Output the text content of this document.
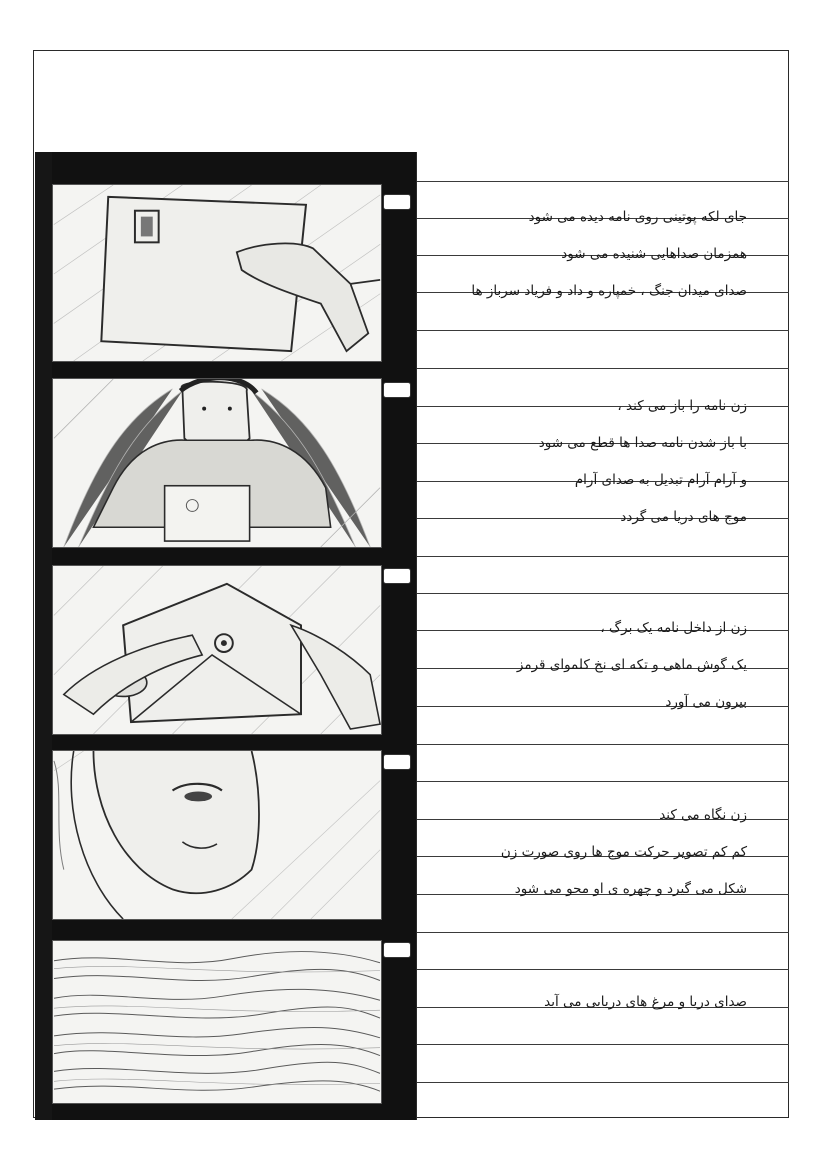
جای لکه پوتینی روی نامه دیده می شود
همزمان صداهایی شنیده می شود
صدای میدان جنگ ، خمپاره و داد و فریاد سرباز ها
زن نامه را باز می کند ،
با باز شدن نامه صدا ها قطع می شود
و آرام آرام تبدیل به صدای آرام
موج های دریا می گردد
زن از داخل نامه یک برگ ،
یک گوش ماهی و تکه ای نخ کلموای قرمز
بیرون می آورد
زن نگاه می کند
کم کم تصویر حرکت موج ها روی صورت زن
شکل می گیرد و چهره ی او محو می شود
صدای دریا و مرغ های دریایی می آید
